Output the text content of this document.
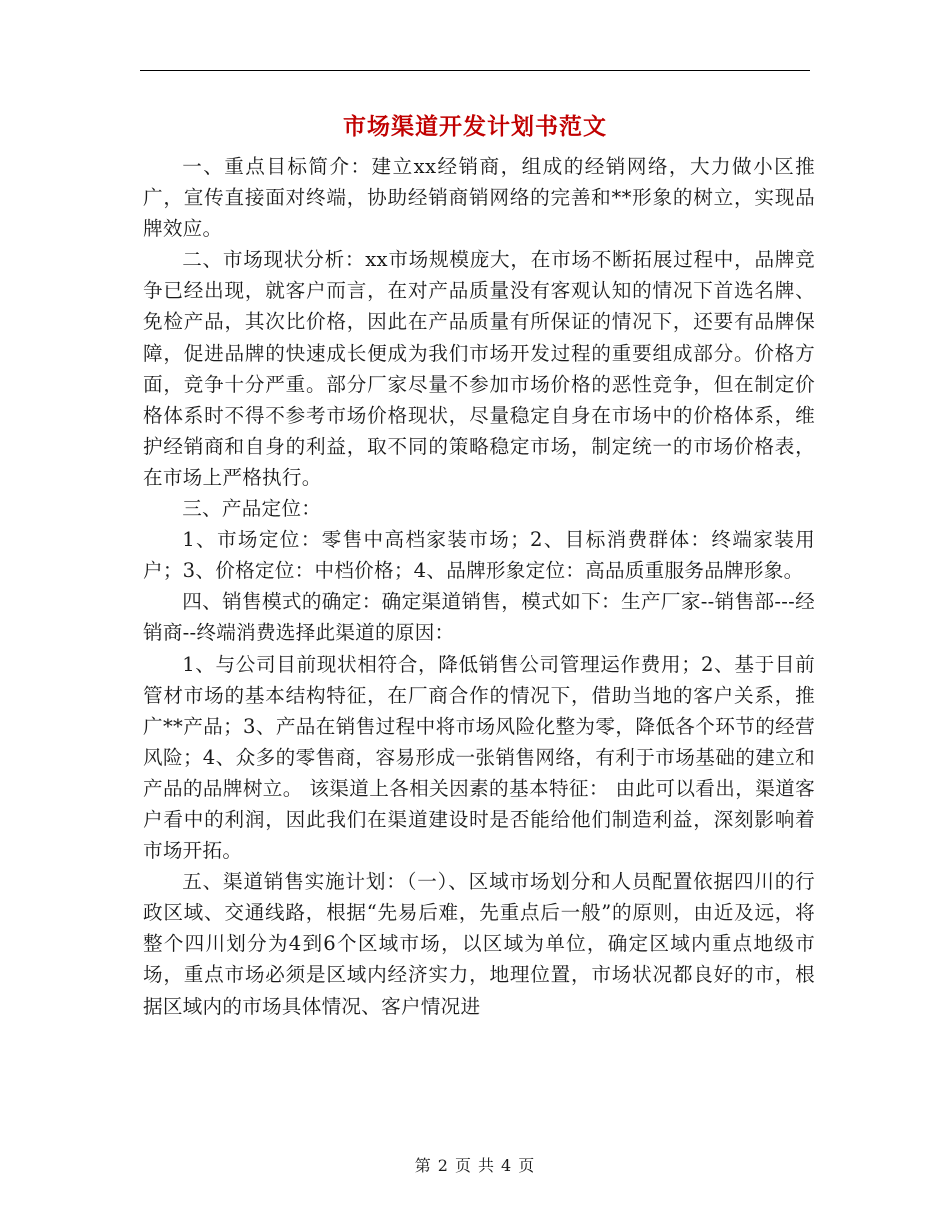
市场渠道开发计划书范文

一、重点目标简介：建立xx经销商，组成的经销网络，大力做小区推广，宣传直接面对终端，协助经销商销网络的完善和**形象的树立，实现品牌效应。

二、市场现状分析：xx市场规模庞大，在市场不断拓展过程中，品牌竞争已经出现，就客户而言，在对产品质量没有客观认知的情况下首选名牌、免检产品，其次比价格，因此在产品质量有所保证的情况下，还要有品牌保障，促进品牌的快速成长便成为我们市场开发过程的重要组成部分。价格方面，竞争十分严重。部分厂家尽量不参加市场价格的恶性竞争，但在制定价格体系时不得不参考市场价格现状，尽量稳定自身在市场中的价格体系，维护经销商和自身的利益，取不同的策略稳定市场，制定统一的市场价格表，在市场上严格执行。

三、产品定位：

1、市场定位：零售中高档家装市场；2、目标消费群体：终端家装用户；3、价格定位：中档价格；4、品牌形象定位：高品质重服务品牌形象。

四、销售模式的确定：确定渠道销售，模式如下：生产厂家--销售部---经销商--终端消费选择此渠道的原因：

1、与公司目前现状相符合，降低销售公司管理运作费用；2、基于目前管材市场的基本结构特征，在厂商合作的情况下，借助当地的客户关系，推广**产品；3、产品在销售过程中将市场风险化整为零，降低各个环节的经营风险；4、众多的零售商，容易形成一张销售网络，有利于市场基础的建立和产品的品牌树立。 该渠道上各相关因素的基本特征： 由此可以看出，渠道客户看中的利润，因此我们在渠道建设时是否能给他们制造利益，深刻影响着市场开拓。

五、渠道销售实施计划：（一）、区域市场划分和人员配置依据四川的行政区域、交通线路，根据“先易后难，先重点后一般”的原则，由近及远，将整个四川划分为4到6个区域市场，以区域为单位，确定区域内重点地级市场，重点市场必须是区域内经济实力，地理位置，市场状况都良好的市，根据区域内的市场具体情况、客户情况进

第 2 页 共 4 页
